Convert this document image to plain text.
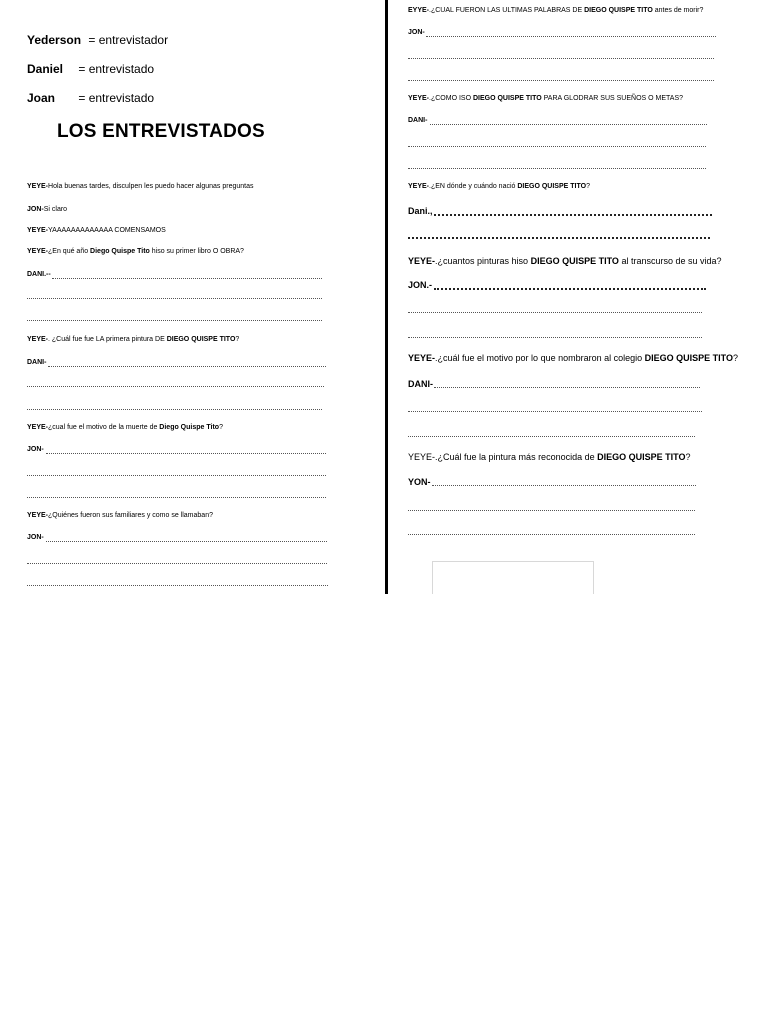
Yederson = entrevistador
Daniel = entrevistado
Joan = entrevistado
LOS ENTREVISTADOS
YEYE-Hola buenas tardes, disculpen les puedo hacer algunas preguntas
JON-Si claro
YEYE-YAAAAAAAAAAAAA COMENSAMOS
YEYE-¿En qué año Diego Quispe Tito hiso su primer libro O OBRA?
DANI.--
YEYE-. ¿Cuál fue fue LA primera pintura DE DIEGO QUISPE TITO?
DANI-
YEYE-¿cual fue el motivo de la muerte de Diego Quispe Tito?
JON-
YEYE-¿Quiénes fueron sus familiares y como se llamaban?
JON-
EYYE-.¿CUAL FUERON LAS ULTIMAS PALABRAS DE DIEGO QUISPE TITO antes de morir?
JON-
YEYE-.¿COMO ISO DIEGO QUISPE TITO PARA GLODRAR SUS SUEÑOS O METAS?
DANI-
YEYE-.¿EN dónde y cuándo nació DIEGO QUISPE TITO?
Dani.,
YEYE-.¿cuantos pinturas hiso DIEGO QUISPE TITO al transcurso de su vida?
JON.-
YEYE-.¿cuál fue el motivo por lo que nombraron al colegio DIEGO QUISPE TITO?
DANI-
YEYE-.¿Cuál fue la pintura más reconocida de DIEGO QUISPE TITO?
YON-
